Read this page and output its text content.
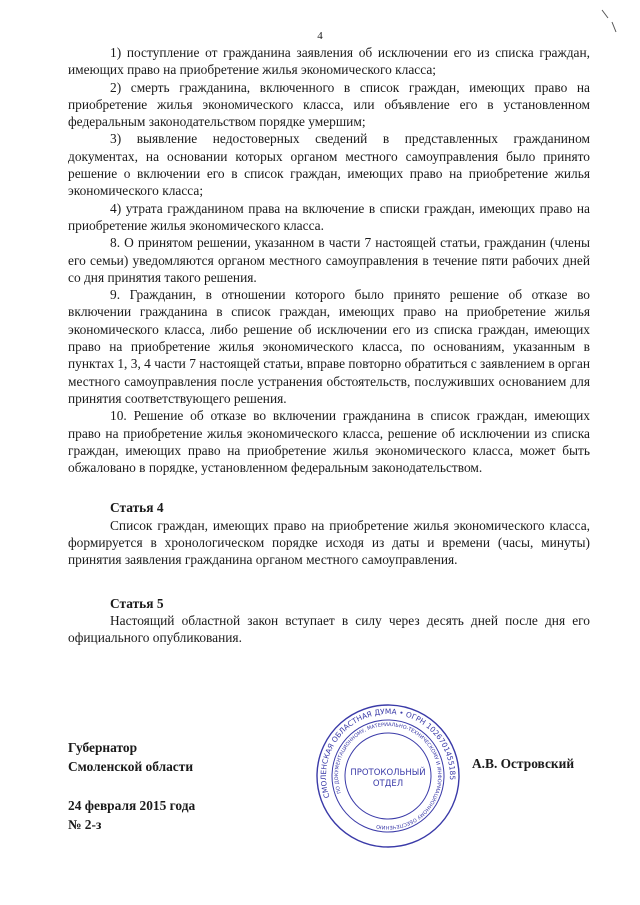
4

1) поступление от гражданина заявления об исключении его из списка граждан, имеющих право на приобретение жилья экономического класса;

2) смерть гражданина, включенного в список граждан, имеющих право на приобретение жилья экономического класса, или объявление его в установленном федеральным законодательством порядке умершим;

3) выявление недостоверных сведений в представленных гражданином документах, на основании которых органом местного самоуправления было принято решение о включении его в список граждан, имеющих право на приобретение жилья экономического класса;

4) утрата гражданином права на включение в списки граждан, имеющих право на приобретение жилья экономического класса.

8. О принятом решении, указанном в части 7 настоящей статьи, гражданин (члены его семьи) уведомляются органом местного самоуправления в течение пяти рабочих дней со дня принятия такого решения.

9. Гражданин, в отношении которого было принято решение об отказе во включении гражданина в список граждан, имеющих право на приобретение жилья экономического класса, либо решение об исключении его из списка граждан, имеющих право на приобретение жилья экономического класса, по основаниям, указанным в пунктах 1, 3, 4 части 7 настоящей статьи, вправе повторно обратиться с заявлением в орган местного самоуправления после устранения обстоятельств, послуживших основанием для принятия соответствующего решения.

10. Решение об отказе во включении гражданина в список граждан, имеющих право на приобретение жилья экономического класса, решение об исключении из списка граждан, имеющих право на приобретение жилья экономического класса, может быть обжаловано в порядке, установленном федеральным законодательством.

Статья 4

Список граждан, имеющих право на приобретение жилья экономического класса, формируется в хронологическом порядке исходя из даты и времени (часы, минуты) принятия заявления гражданина органом местного самоуправления.

Статья 5

Настоящий областной закон вступает в силу через десять дней после дня его официального опубликования.

Губернатор
Смоленской области
24 февраля 2015 года
№ 2-з
А.В. Островский
СМОЛЕНСКАЯ ОБЛАСТНАЯ ДУМА • ОГРН 1026701455185
ПО ДОКУМЕНТАЦИОННОМУ, МАТЕРИАЛЬНО-ТЕХНИЧЕСКОМУ И ИНФОРМАЦИОННОМУ ОБЕСПЕЧЕНИЮ
ПРОТОКОЛЬНЫЙ
ОТДЕЛ
